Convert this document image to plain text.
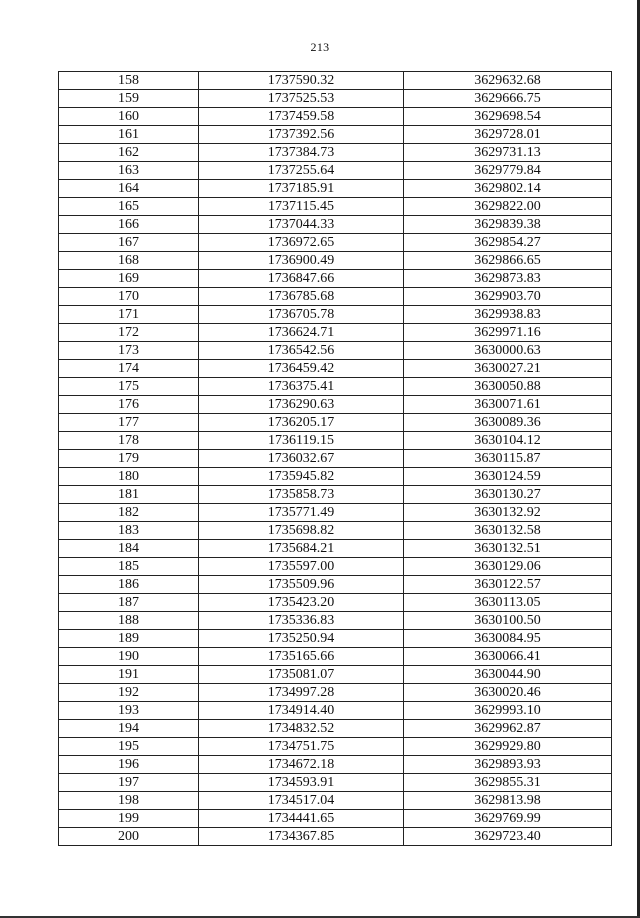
213
158	1737590.32	3629632.68
159	1737525.53	3629666.75
160	1737459.58	3629698.54
161	1737392.56	3629728.01
162	1737384.73	3629731.13
163	1737255.64	3629779.84
164	1737185.91	3629802.14
165	1737115.45	3629822.00
166	1737044.33	3629839.38
167	1736972.65	3629854.27
168	1736900.49	3629866.65
169	1736847.66	3629873.83
170	1736785.68	3629903.70
171	1736705.78	3629938.83
172	1736624.71	3629971.16
173	1736542.56	3630000.63
174	1736459.42	3630027.21
175	1736375.41	3630050.88
176	1736290.63	3630071.61
177	1736205.17	3630089.36
178	1736119.15	3630104.12
179	1736032.67	3630115.87
180	1735945.82	3630124.59
181	1735858.73	3630130.27
182	1735771.49	3630132.92
183	1735698.82	3630132.58
184	1735684.21	3630132.51
185	1735597.00	3630129.06
186	1735509.96	3630122.57
187	1735423.20	3630113.05
188	1735336.83	3630100.50
189	1735250.94	3630084.95
190	1735165.66	3630066.41
191	1735081.07	3630044.90
192	1734997.28	3630020.46
193	1734914.40	3629993.10
194	1734832.52	3629962.87
195	1734751.75	3629929.80
196	1734672.18	3629893.93
197	1734593.91	3629855.31
198	1734517.04	3629813.98
199	1734441.65	3629769.99
200	1734367.85	3629723.40
